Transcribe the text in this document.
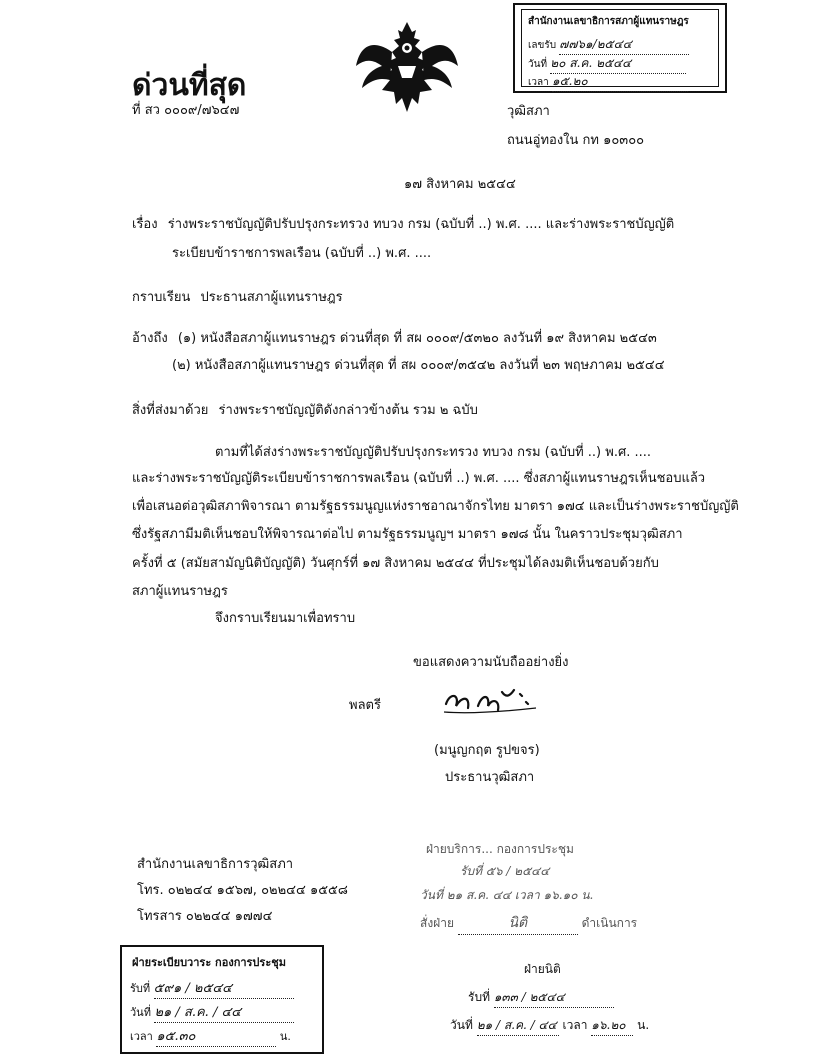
สำนักงานเลขาธิการสภาผู้แทนราษฎร
เลขรับ ๗๗๖๑/๒๕๔๔
วันที่ ๒๐ ส.ค. ๒๕๔๔
เวลา ๑๕.๒๐
ด่วนที่สุด
ที่ สว ๐๐๐๙/๗๖๔๗	วุฒิสภา
ถนนอู่ทองใน กท ๑๐๓๐๐
๑๗ สิงหาคม ๒๕๔๔
เรื่อง ร่างพระราชบัญญัติปรับปรุงกระทรวง ทบวง กรม (ฉบับที่ ..) พ.ศ. .... และร่างพระราชบัญญัติ
ระเบียบข้าราชการพลเรือน (ฉบับที่ ..) พ.ศ. ....
กราบเรียน ประธานสภาผู้แทนราษฎร
อ้างถึง (๑) หนังสือสภาผู้แทนราษฎร ด่วนที่สุด ที่ สผ ๐๐๐๙/๕๓๒๐ ลงวันที่ ๑๙ สิงหาคม ๒๕๔๓
(๒) หนังสือสภาผู้แทนราษฎร ด่วนที่สุด ที่ สผ ๐๐๐๙/๓๕๔๒ ลงวันที่ ๒๓ พฤษภาคม ๒๕๔๔
สิ่งที่ส่งมาด้วย ร่างพระราชบัญญัติดังกล่าวข้างต้น รวม ๒ ฉบับ
ตามที่ได้ส่งร่างพระราชบัญญัติปรับปรุงกระทรวง ทบวง กรม (ฉบับที่ ..) พ.ศ. ....
และร่างพระราชบัญญัติระเบียบข้าราชการพลเรือน (ฉบับที่ ..) พ.ศ. .... ซึ่งสภาผู้แทนราษฎรเห็นชอบแล้ว
เพื่อเสนอต่อวุฒิสภาพิจารณา ตามรัฐธรรมนูญแห่งราชอาณาจักรไทย มาตรา ๑๗๔ และเป็นร่างพระราชบัญญัติ
ซึ่งรัฐสภามีมติเห็นชอบให้พิจารณาต่อไป ตามรัฐธรรมนูญฯ มาตรา ๑๗๘ นั้น ในคราวประชุมวุฒิสภา
ครั้งที่ ๕ (สมัยสามัญนิติบัญญัติ) วันศุกร์ที่ ๑๗ สิงหาคม ๒๕๔๔ ที่ประชุมได้ลงมติเห็นชอบด้วยกับ
สภาผู้แทนราษฎร
จึงกราบเรียนมาเพื่อทราบ
ขอแสดงความนับถืออย่างยิ่ง
พลตรี
(มนูญกฤต รูปขจร)
ประธานวุฒิสภา
สำนักงานเลขาธิการวุฒิสภา
โทร. ๐๒๒๔๔ ๑๕๖๗, ๐๒๒๔๔ ๑๕๕๘
โทรสาร ๐๒๒๔๔ ๑๗๗๔
ฝ่ายบริการ... กองการประชุม
รับที่ ๕๖ / ๒๕๔๔
วันที่ ๒๑ ส.ค. ๔๔ เวลา ๑๖.๑๐ น.
สั่งฝ่าย	นิติ	ดำเนินการ
ฝ่ายระเบียบวาระ กองการประชุม
รับที่ ๕๙๑ / ๒๕๔๔
วันที่ ๒๑ / ส.ค. / ๔๔
เวลา ๑๕.๓๐	น.
ฝ่ายนิติ
รับที่ ๑๓๓ / ๒๕๔๔
วันที่ ๒๑ / ส.ค. / ๔๔ เวลา ๑๖.๒๐ น.
